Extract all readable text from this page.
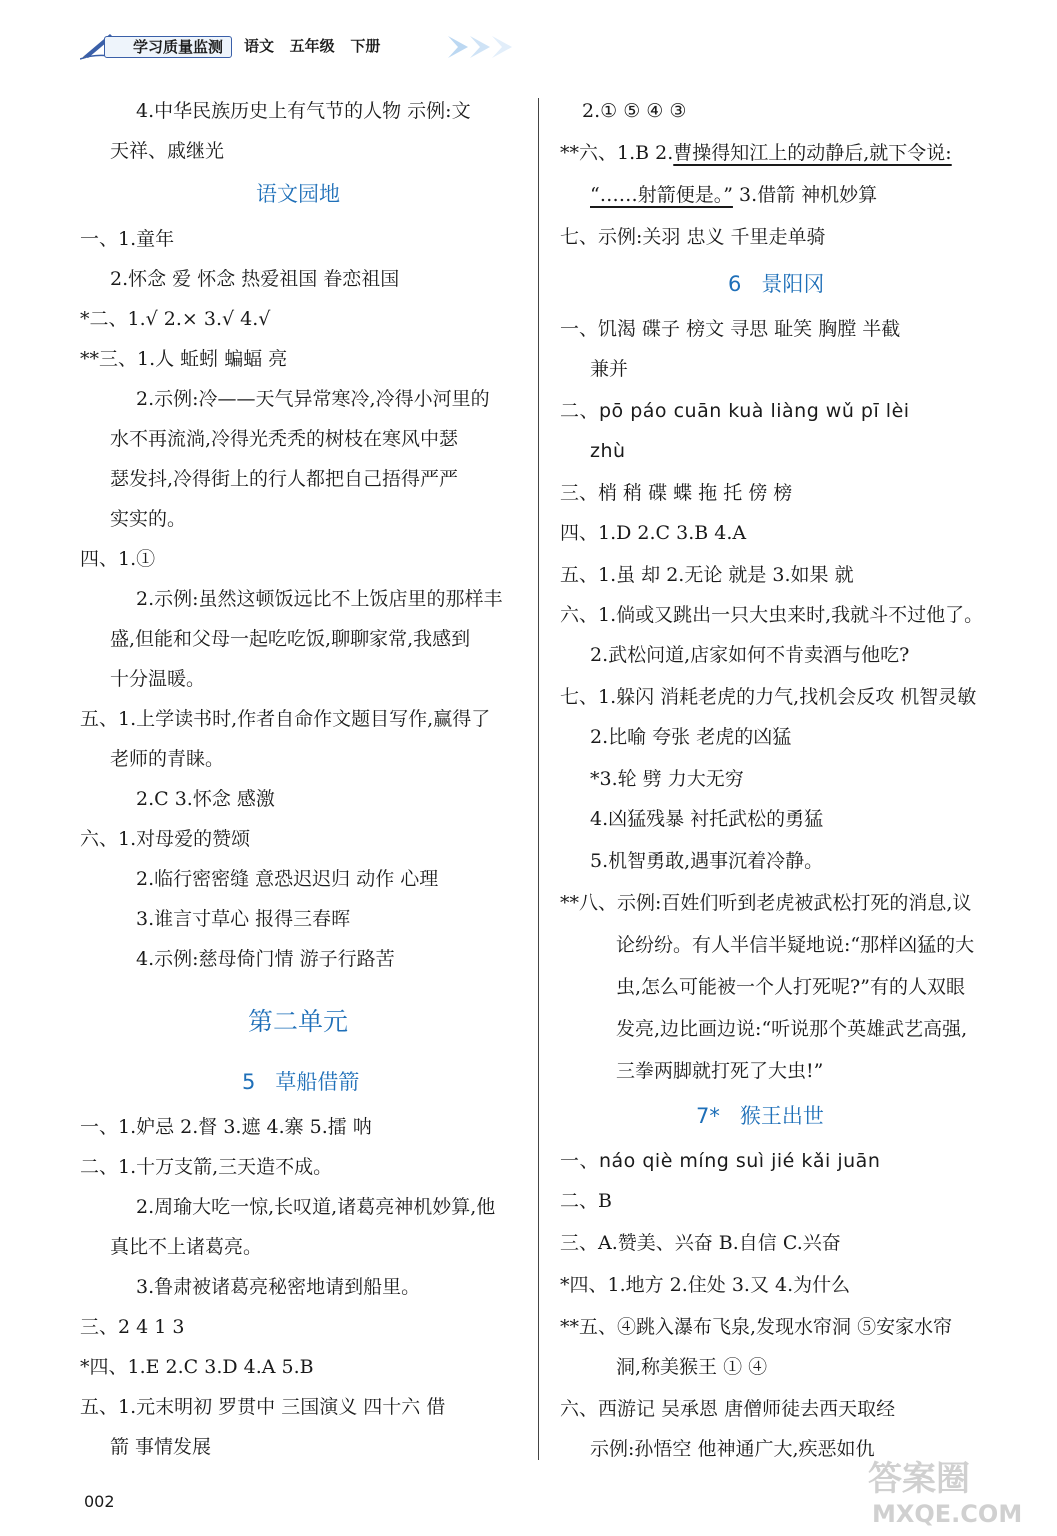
学习质量监测	语文   五年级   下册
4.中华民族历史上有气节的人物 示例:文
天祥、戚继光
语文园地
一、1.童年
2.怀念 爱 怀念 热爱祖国 眷恋祖国
*二、1.√ 2.× 3.√ 4.√
**三、1.人 蚯蚓 蝙蝠 亮
2.示例:冷——天气异常寒冷,冷得小河里的
水不再流淌,冷得光秃秃的树枝在寒风中瑟
瑟发抖,冷得街上的行人都把自己捂得严严
实实的。
四、1.①
2.示例:虽然这顿饭远比不上饭店里的那样丰
盛,但能和父母一起吃吃饭,聊聊家常,我感到
十分温暖。
五、1.上学读书时,作者自命作文题目写作,赢得了
老师的青睐。
2.C 3.怀念 感激
六、1.对母爱的赞颂
2.临行密密缝 意恐迟迟归 动作 心理
3.谁言寸草心 报得三春晖
4.示例:慈母倚门情 游子行路苦
第二单元
5   草船借箭
一、1.妒忌 2.督 3.遮 4.寨 5.擂 呐
二、1.十万支箭,三天造不成。
2.周瑜大吃一惊,长叹道,诸葛亮神机妙算,他
真比不上诸葛亮。
3.鲁肃被诸葛亮秘密地请到船里。
三、2 4 1 3
*四、1.E 2.C 3.D 4.A 5.B
五、1.元末明初 罗贯中 三国演义 四十六 借
箭 事情发展
2.① ⑤ ④ ③
**六、1.B 2.曹操得知江上的动静后,就下令说:
“……射箭便是。” 3.借箭 神机妙算
七、示例:关羽 忠义 千里走单骑
6   景阳冈
一、饥渴 碟子 榜文 寻思 耻笑 胸膛 半截
兼并
二、pō páo cuān kuà liàng wǔ pī lèi
zhù
三、梢 稍 碟 蝶 拖 托 傍 榜
四、1.D 2.C 3.B 4.A
五、1.虽 却 2.无论 就是 3.如果 就
六、1.倘或又跳出一只大虫来时,我就斗不过他了。
2.武松问道,店家如何不肯卖酒与他吃?
七、1.躲闪 消耗老虎的力气,找机会反攻 机智灵敏
2.比喻 夸张 老虎的凶猛
*3.轮 劈 力大无穷
4.凶猛残暴 衬托武松的勇猛
5.机智勇敢,遇事沉着冷静。
**八、示例:百姓们听到老虎被武松打死的消息,议
论纷纷。有人半信半疑地说:“那样凶猛的大
虫,怎么可能被一个人打死呢?”有的人双眼
发亮,边比画边说:“听说那个英雄武艺高强,
三拳两脚就打死了大虫!”
7*   猴王出世
一、náo qiè míng suì jié kǎi juān
二、B
三、A.赞美、兴奋 B.自信 C.兴奋
*四、1.地方 2.住处 3.又 4.为什么
**五、④跳入瀑布飞泉,发现水帘洞 ⑤安家水帘
洞,称美猴王 ① ④
六、西游记 吴承恩 唐僧师徒去西天取经
示例:孙悟空 他神通广大,疾恶如仇
002
答案圈
MXQE.COM
